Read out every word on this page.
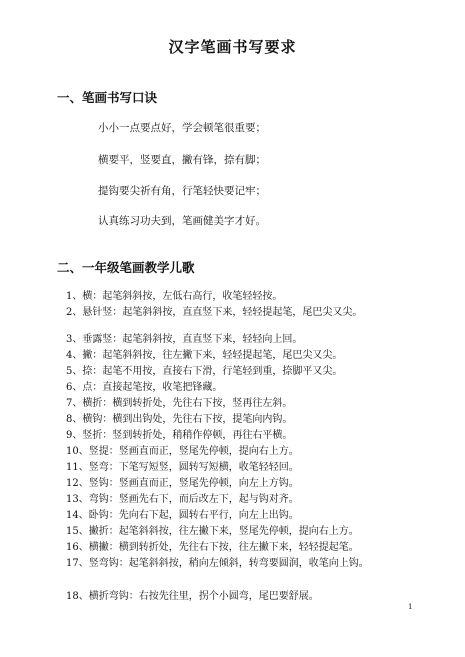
汉字笔画书写要求
一、笔画书写口诀

小小一点要点好，学会顿笔很重要；

横要平，竖要直，撇有锋，捺有脚；

提钩要尖祈有角，行笔轻快要记牢；

认真练习功夫到，笔画健美字才好。

二、一年级笔画教学儿歌
1、横：起笔斜斜按，左低右高行，收笔轻轻按。
2、悬针竖：起笔斜斜按，直直竖下来，轻轻提起笔，尾巴尖又尖。
3、垂露竖：起笔斜斜按，直直竖下来，轻轻向上回。
4、撇：起笔斜斜按，往左撇下来，轻轻提起笔，尾巴尖又尖。
5、捺：起笔不用按，直接右下滑，行笔轻到重，捺脚平又尖。
6、点：直接起笔按，收笔把锋藏。
7、横折：横到转折处，先往右下按，竖再往左斜。
8、横钩：横到出钩处，先往右下按，提笔向内钩。
9、竖折：竖到转折处，稍稍作停顿，再往右平横。
10、竖提：竖画直而正，竖尾先停顿，提向右上方。
11、竖弯：下笔写短竖，圆转写短横，收笔轻轻回。
12、竖钩：竖画直而正，竖尾先停顿，向左上方钩。
13、弯钩：竖画先右下，而后改左下，起与钩对齐。
14、卧钩：先向右下起，圆转右平行，向左上出钩。
15、撇折：起笔斜斜按，往左撇下来，竖尾先停顿，提向右上方。
16、横撇：横到转折处，先往右下按，往左撇下来，轻轻提起笔。
17、竖弯钩：起笔斜斜按，稍向左倾斜，转弯要圆润，收笔向上钩。
18、横折弯钩：右按先往里，拐个小圆弯，尾巴要舒展。

1
